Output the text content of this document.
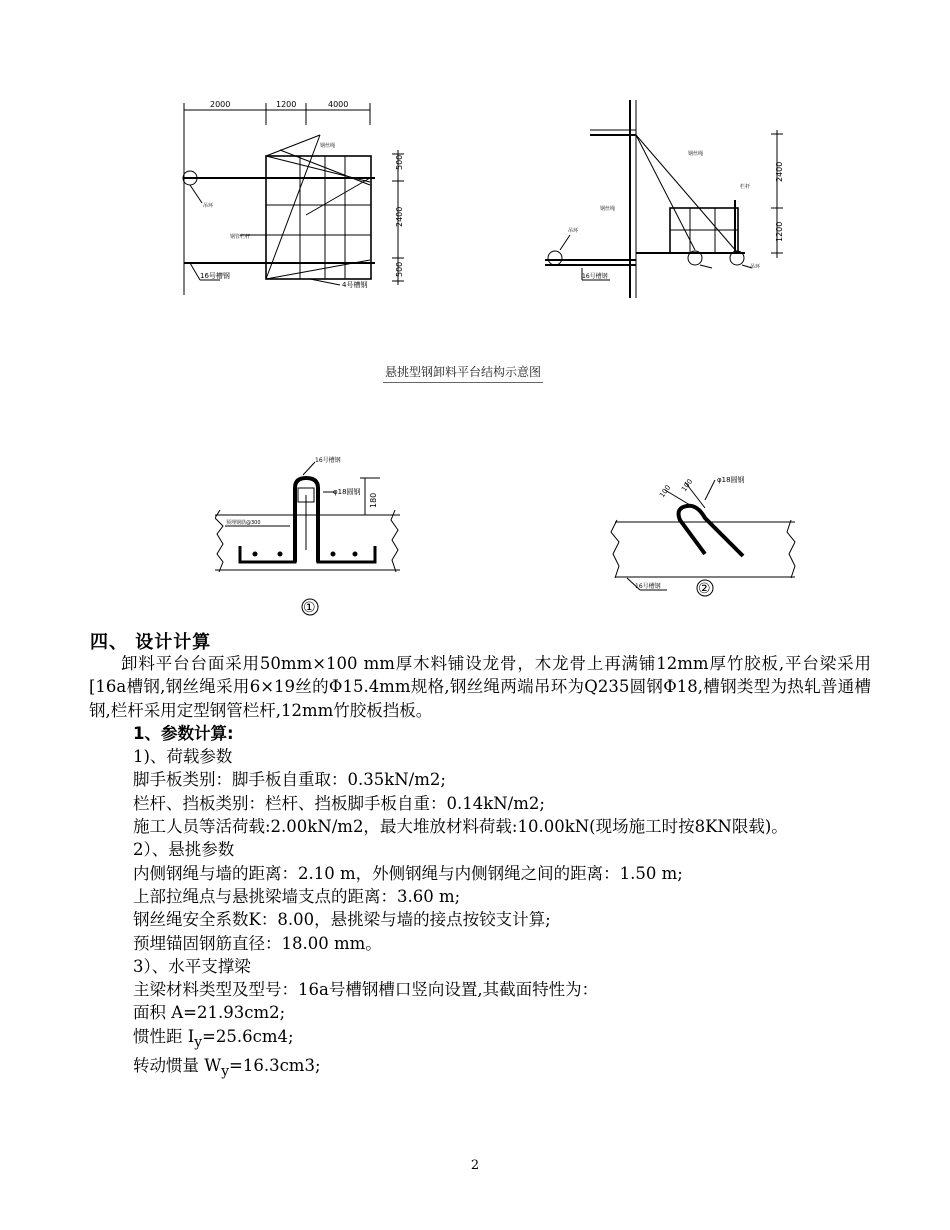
2000	1200	4000
500
2400
500
钢丝绳
吊环
钢管栏杆
16号槽钢
4号槽钢
2400
1200
钢丝绳
栏杆
钢丝绳
吊环
16号槽钢
吊环
悬挑型钢卸料平台结构示意图
16号槽钢
φ18圆钢
180
预埋钢筋@300
①
100 100	φ18圆钢
16号槽钢	②
四、 设计计算

卸料平台台面采用50mm×100 mm厚木料铺设龙骨，木龙骨上再满铺12mm厚竹胶板,平台梁采用[16a槽钢,钢丝绳采用6×19丝的Φ15.4mm规格,钢丝绳两端吊环为Q235圆钢Φ18,槽钢类型为热轧普通槽钢,栏杆采用定型钢管栏杆,12mm竹胶板挡板。

1、参数计算:

1)、荷载参数

脚手板类别：脚手板自重取：0.35kN/m2;

栏杆、挡板类别：栏杆、挡板脚手板自重：0.14kN/m2;

施工人员等活荷载:2.00kN/m2，最大堆放材料荷载:10.00kN(现场施工时按8KN限载)。

2）、悬挑参数

内侧钢绳与墙的距离：2.10 m，外侧钢绳与内侧钢绳之间的距离：1.50 m;

上部拉绳点与悬挑梁墙支点的距离：3.60 m;

钢丝绳安全系数K：8.00，悬挑梁与墙的接点按铰支计算;

预埋锚固钢筋直径：18.00 mm。

3）、水平支撑梁

主梁材料类型及型号：16a号槽钢槽口竖向设置,其截面特性为：

面积 A=21.93cm2;

惯性距 $I_y=25.6cm4$;

转动惯量 $W_y=16.3cm3$;

2
